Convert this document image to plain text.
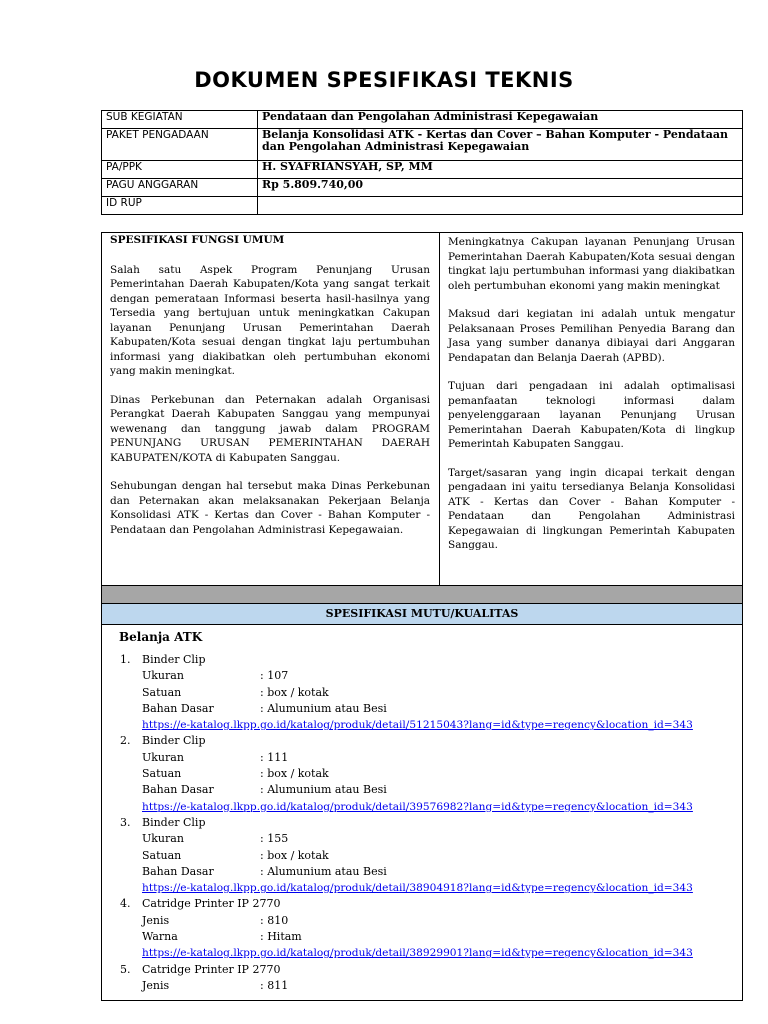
DOKUMEN SPESIFIKASI TEKNIS
SUB KEGIATAN	Pendataan dan Pengolahan Administrasi Kepegawaian
PAKET PENGADAAN	Belanja Konsolidasi ATK - Kertas dan Cover – Bahan Komputer - Pendataan dan Pengolahan Administrasi Kepegawaian
PA/PPK	H. SYAFRIANSYAH, SP, MM
PAGU ANGGARAN	Rp 5.809.740,00
ID RUP	

SPESIFIKASI FUNGSI UMUM

Salah satu Aspek Program Penunjang Urusan Pemerintahan Daerah Kabupaten/Kota yang sangat terkait dengan pemerataan Informasi beserta hasil-hasilnya yang Tersedia yang bertujuan untuk meningkatkan Cakupan layanan Penunjang Urusan Pemerintahan Daerah Kabupaten/Kota sesuai dengan tingkat laju pertumbuhan informasi yang diakibatkan oleh pertumbuhan ekonomi yang makin meningkat.

Dinas Perkebunan dan Peternakan adalah Organisasi Perangkat Daerah Kabupaten Sanggau yang mempunyai wewenang dan tanggung jawab dalam PROGRAM PENUNJANG URUSAN PEMERINTAHAN DAERAH KABUPATEN/KOTA di Kabupaten Sanggau.

Sehubungan dengan hal tersebut maka Dinas Perkebunan dan Peternakan akan melaksanakan Pekerjaan Belanja Konsolidasi ATK - Kertas dan Cover - Bahan Komputer - Pendataan dan Pengolahan Administrasi Kepegawaian.

Meningkatnya Cakupan layanan Penunjang Urusan Pemerintahan Daerah Kabupaten/Kota sesuai dengan tingkat laju pertumbuhan informasi yang diakibatkan oleh pertumbuhan ekonomi yang makin meningkat

Maksud dari kegiatan ini adalah untuk mengatur Pelaksanaan Proses Pemilihan Penyedia Barang dan Jasa yang sumber dananya dibiayai dari Anggaran Pendapatan dan Belanja Daerah (APBD).

Tujuan dari pengadaan ini adalah optimalisasi pemanfaatan teknologi informasi dalam penyelenggaraan layanan Penunjang Urusan Pemerintahan Daerah Kabupaten/Kota di lingkup Pemerintah Kabupaten Sanggau.

Target/sasaran yang ingin dicapai terkait dengan pengadaan ini yaitu tersedianya Belanja Konsolidasi ATK - Kertas dan Cover - Bahan Komputer - Pendataan dan Pengolahan Administrasi Kepegawaian di lingkungan Pemerintah Kabupaten Sanggau.

SPESIFIKASI MUTU/KUALITAS
Belanja ATK
1.	Binder Clip
Ukuran	: 107
Satuan	: box / kotak
Bahan Dasar	: Alumunium atau Besi
https://e-katalog.lkpp.go.id/katalog/produk/detail/51215043?lang=id&type=regency&location_id=343
2.	Binder Clip
Ukuran	: 111
Satuan	: box / kotak
Bahan Dasar	: Alumunium atau Besi
https://e-katalog.lkpp.go.id/katalog/produk/detail/39576982?lang=id&type=regency&location_id=343
3.	Binder Clip
Ukuran	: 155
Satuan	: box / kotak
Bahan Dasar	: Alumunium atau Besi
https://e-katalog.lkpp.go.id/katalog/produk/detail/38904918?lang=id&type=regency&location_id=343
4.	Catridge Printer IP 2770
Jenis	: 810
Warna	: Hitam
https://e-katalog.lkpp.go.id/katalog/produk/detail/38929901?lang=id&type=regency&location_id=343
5.	Catridge Printer IP 2770
Jenis	: 811
